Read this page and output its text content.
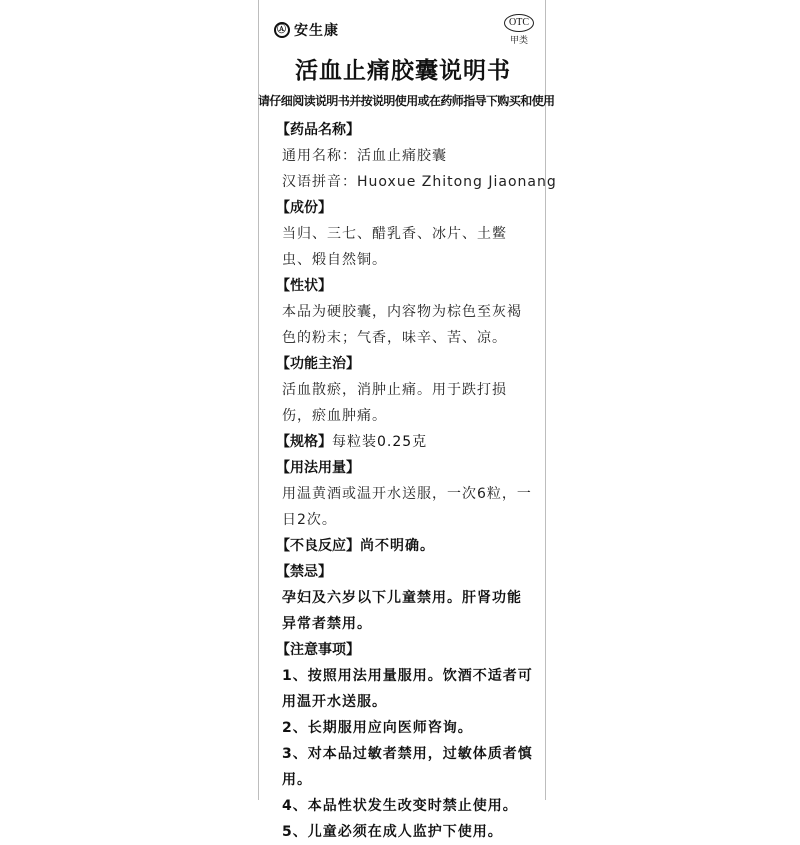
Ⓐ 安生康
OTC
甲类
活血止痛胶囊说明书
请仔细阅读说明书并按说明使用或在药师指导下购买和使用
【药品名称】
通用名称：活血止痛胶囊
汉语拼音：Huoxue Zhitong Jiaonang
【成份】
当归、三七、醋乳香、冰片、土鳖
虫、煅自然铜。
【性状】
本品为硬胶囊，内容物为棕色至灰褐
色的粉末；气香，味辛、苦、凉。
【功能主治】
活血散瘀，消肿止痛。用于跌打损
伤，瘀血肿痛。
【规格】每粒装0.25克
【用法用量】
用温黄酒或温开水送服，一次6粒，一
日2次。
【不良反应】尚不明确。
【禁忌】
孕妇及六岁以下儿童禁用。肝肾功能
异常者禁用。
【注意事项】
1、按照用法用量服用。饮酒不适者可
用温开水送服。
2、长期服用应向医师咨询。
3、对本品过敏者禁用，过敏体质者慎
用。
4、本品性状发生改变时禁止使用。
5、儿童必须在成人监护下使用。
